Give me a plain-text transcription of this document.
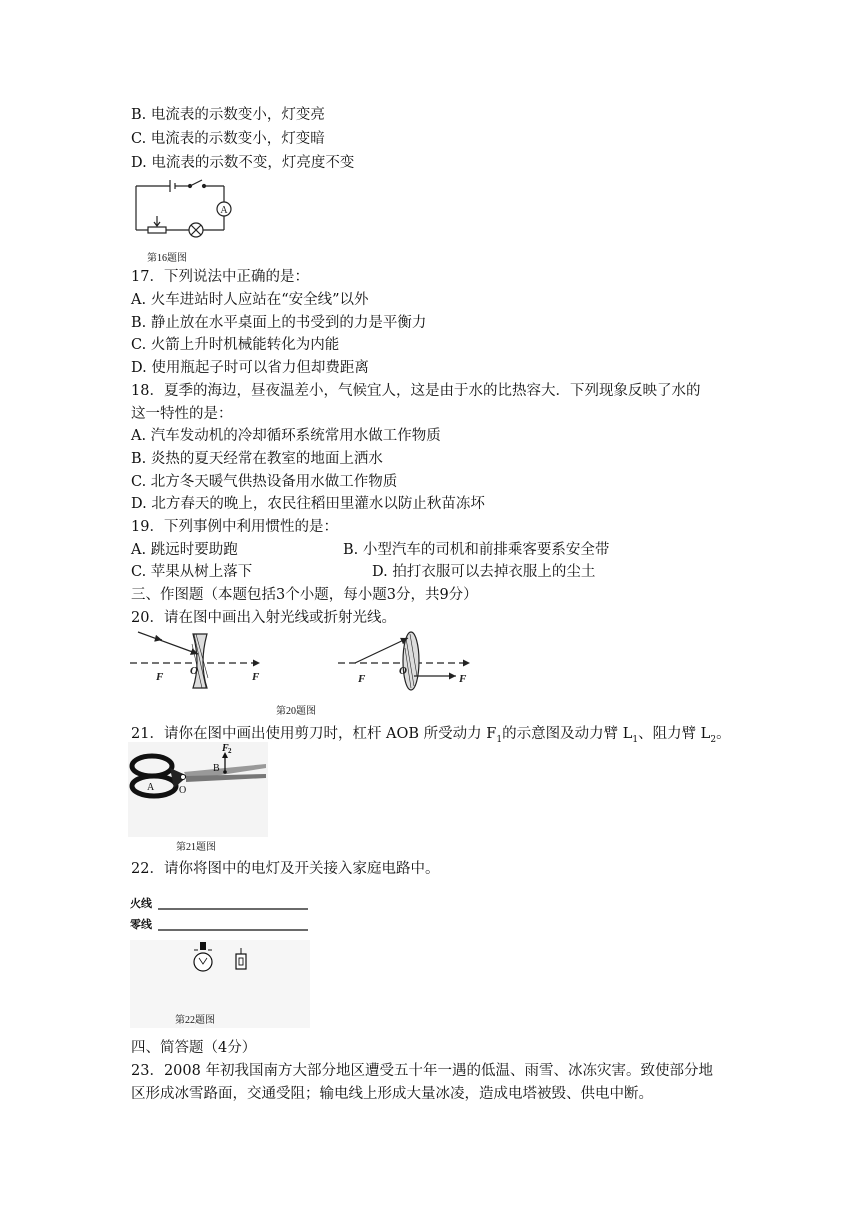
B. 电流表的示数变小，灯变亮
C. 电流表的示数变小，灯变暗
D. 电流表的示数不变，灯亮度不变
A
第16题图
17．下列说法中正确的是：
A. 火车进站时人应站在“安全线”以外
B. 静止放在水平桌面上的书受到的力是平衡力
C. 火箭上升时机械能转化为内能
D. 使用瓶起子时可以省力但却费距离
18．夏季的海边，昼夜温差小，气候宜人，这是由于水的比热容大．下列现象反映了水的
这一特性的是：
A. 汽车发动机的冷却循环系统常用水做工作物质
B. 炎热的夏天经常在教室的地面上洒水
C. 北方冬天暖气供热设备用水做工作物质
D. 北方春天的晚上，农民往稻田里灌水以防止秋苗冻坏
19．下列事例中利用惯性的是：
A. 跳远时要助跑	B. 小型汽车的司机和前排乘客要系安全带
C. 苹果从树上落下	D. 拍打衣服可以去掉衣服上的尘土
三、作图题（本题包括3个小题，每小题3分，共9分）
20．请在图中画出入射光线或折射光线。
F O	F	F
O
F
第20题图
21．请你在图中画出使用剪刀时，杠杆 AOB 所受动力 $F_1$的示意图及动力臂 $L_1$、阻力臂 $L_2$。
F 2
B
A O
第21题图
22．请你将图中的电灯及开关接入家庭电路中。
火线
零线
第22题图
四、简答题（4分）
23．2008 年初我国南方大部分地区遭受五十年一遇的低温、雨雪、冰冻灾害。致使部分地
区形成冰雪路面，交通受阻；输电线上形成大量冰凌，造成电塔被毁、供电中断。
